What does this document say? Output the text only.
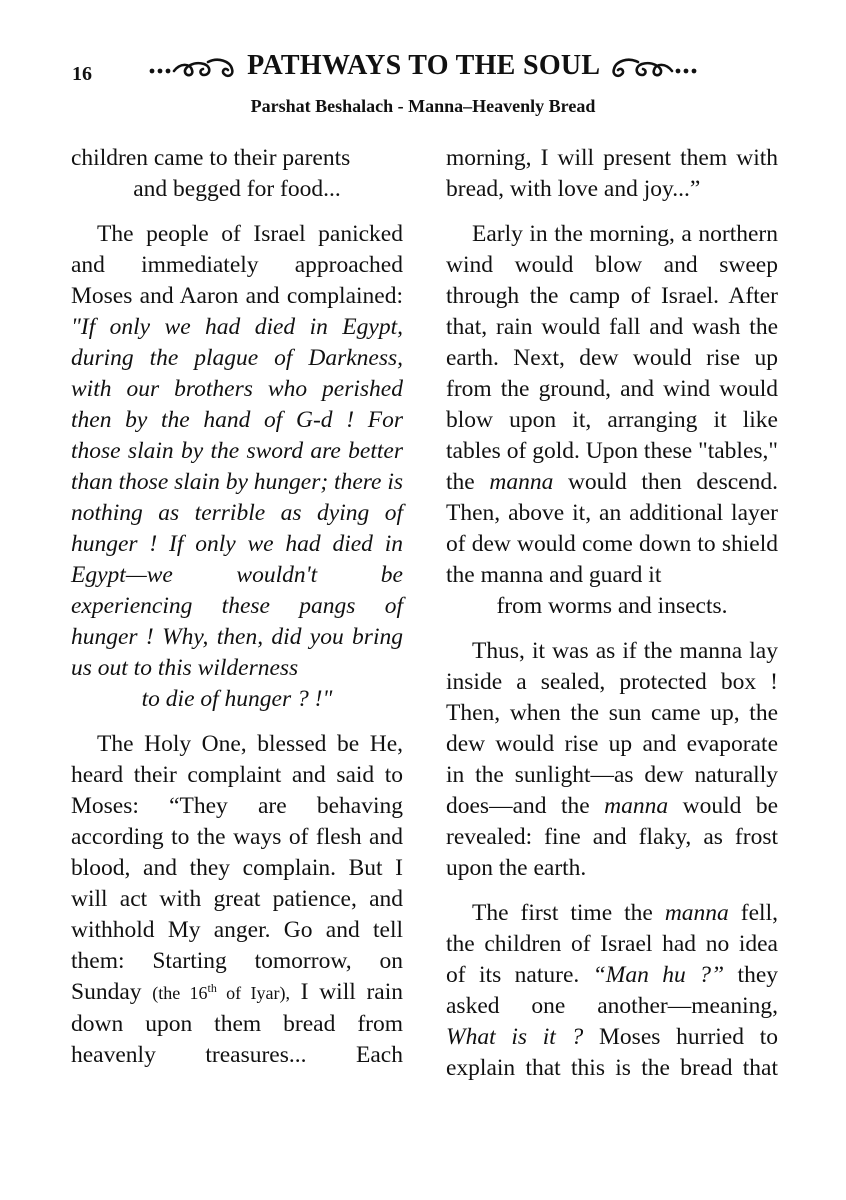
16	PATHWAYS TO THE SOUL
Parshat Beshalach - Manna–Heavenly Bread

children came to their parents
and begged for food...

The people of Israel panicked and immediately approached Moses and Aaron and complained: "If only we had died in Egypt, during the plague of Darkness, with our brothers who perished then by the hand of G-d ! For those slain by the sword are better than those slain by hunger; there is nothing as terrible as dying of hunger ! If only we had died in Egypt—we wouldn't be experiencing these pangs of hunger ! Why, then, did you bring us out to this wilderness
to die of hunger ? !"

The Holy One, blessed be He, heard their complaint and said to Moses: “They are behaving according to the ways of flesh and blood, and they complain. But I will act with great patience, and withhold My anger. Go and tell them: Starting tomorrow, on Sunday (the 16th of Iyar), I will rain down upon them bread from heavenly treasures... Each

morning, I will present them with bread, with love and joy...”

Early in the morning, a northern wind would blow and sweep through the camp of Israel. After that, rain would fall and wash the earth. Next, dew would rise up from the ground, and wind would blow upon it, arranging it like tables of gold. Upon these "tables," the manna would then descend. Then, above it, an additional layer of dew would come down to shield the manna and guard it
from worms and insects.

Thus, it was as if the manna lay inside a sealed, protected box ! Then, when the sun came up, the dew would rise up and evaporate in the sunlight—as dew naturally does—and the manna would be revealed: fine and flaky, as frost upon the earth.

The first time the manna fell, the children of Israel had no idea of its nature. “Man hu ?” they asked one another—meaning, What is it ? Moses hurried to explain that this is the bread that
